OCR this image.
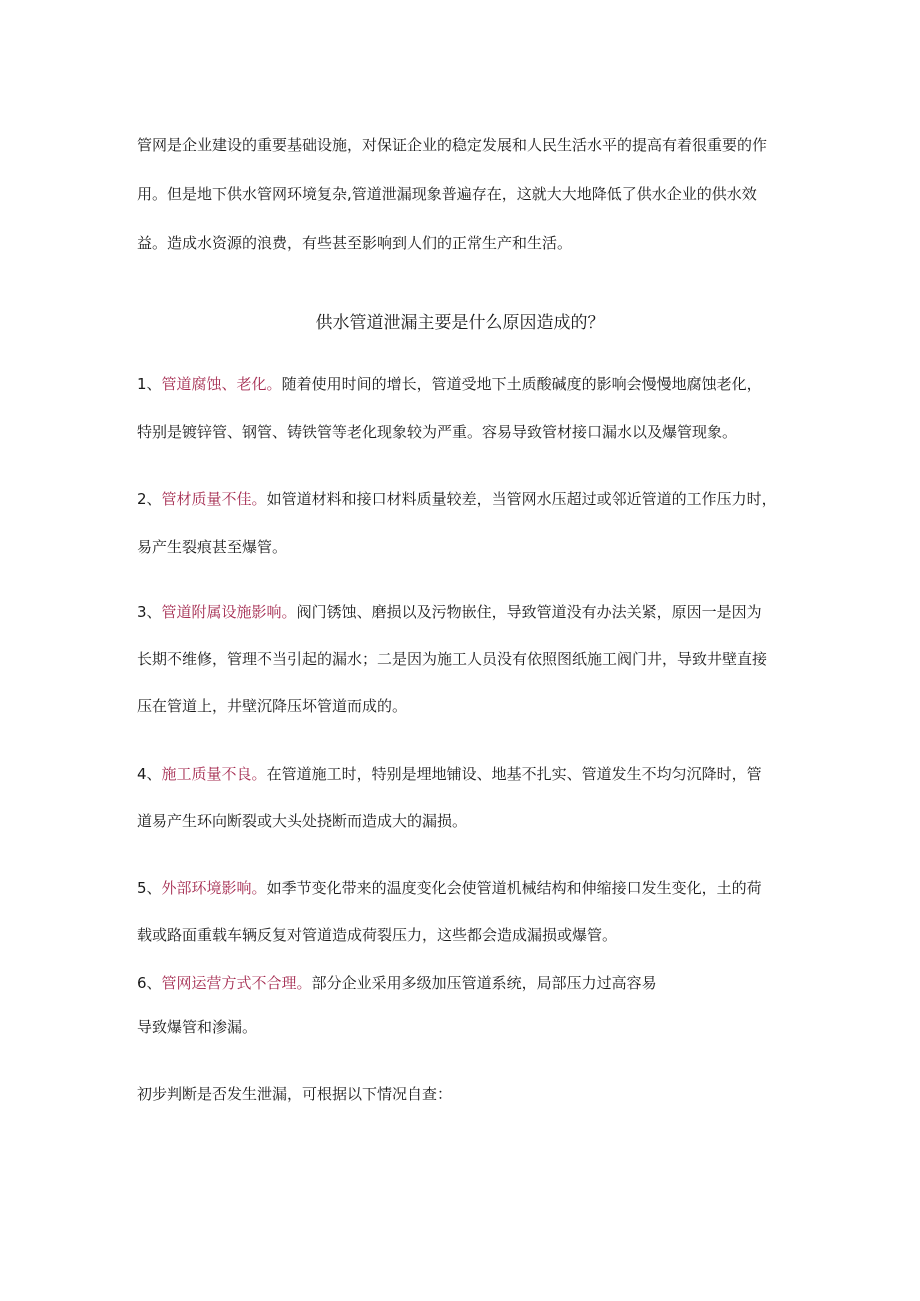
管网是企业建设的重要基础设施，对保证企业的稳定发展和人民生活水平的提高有着很重要的作
用。但是地下供水管网环境复杂,管道泄漏现象普遍存在，这就大大地降低了供水企业的供水效
益。造成水资源的浪费，有些甚至影响到人们的正常生产和生活。
供水管道泄漏主要是什么原因造成的？
1、管道腐蚀、老化。随着使用时间的增长，管道受地下土质酸碱度的影响会慢慢地腐蚀老化，
特别是镀锌管、钢管、铸铁管等老化现象较为严重。容易导致管材接口漏水以及爆管现象。
2、管材质量不佳。如管道材料和接口材料质量较差，当管网水压超过或邻近管道的工作压力时，
易产生裂痕甚至爆管。
3、管道附属设施影响。阀门锈蚀、磨损以及污物嵌住，导致管道没有办法关紧，原因一是因为
长期不维修，管理不当引起的漏水；二是因为施工人员没有依照图纸施工阀门井，导致井壁直接
压在管道上，井壁沉降压坏管道而成的。
4、施工质量不良。在管道施工时，特别是埋地铺设、地基不扎实、管道发生不均匀沉降时，管
道易产生环向断裂或大头处挠断而造成大的漏损。
5、外部环境影响。如季节变化带来的温度变化会使管道机械结构和伸缩接口发生变化，土的荷
载或路面重载车辆反复对管道造成荷裂压力，这些都会造成漏损或爆管。
6、管网运营方式不合理。部分企业采用多级加压管道系统，局部压力过高容易
导致爆管和渗漏。
初步判断是否发生泄漏，可根据以下情况自查：
